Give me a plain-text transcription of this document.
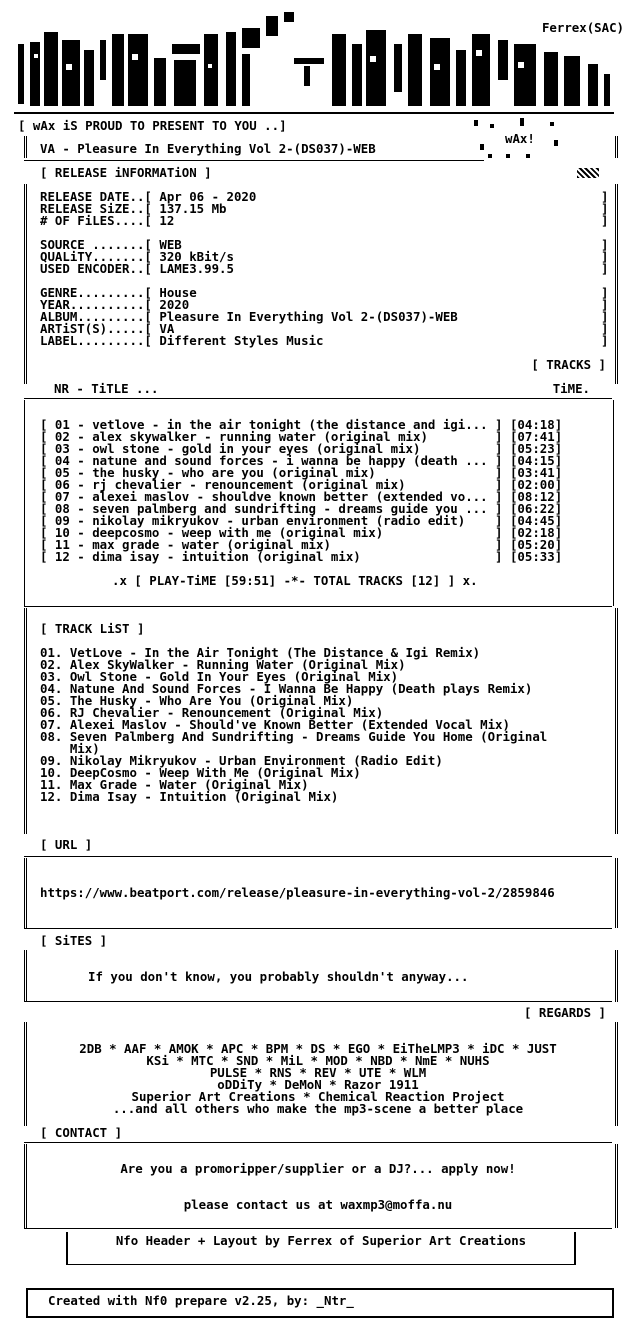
Ferrex(SAC)
[ wAx iS PROUD TO PRESENT TO YOU ..]
wAx!
VA - Pleasure In Everything Vol 2-(DS037)-WEB
[ RELEASE iNFORMATiON ]
RELEASE DATE..[ Apr 06 - 2020
RELEASE SiZE..[ 137.15 Mb
# OF FiLES....[ 12
SOURCE .......[ WEB
QUALiTY.......[ 320 kBit/s
USED ENCODER..[ LAME3.99.5
GENRE.........[ House
YEAR..........[ 2020
ALBUM.........[ Pleasure In Everything Vol 2-(DS037)-WEB
ARTiST(S).....[ VA
LABEL.........[ Different Styles Music
]
]
]

]
]
]

]
]
]
]
]
[ TRACKS ]
NR - TiTLE ...	TiME.
[ 01 - vetlove - in the air tonight (the distance and igi... ] [04:18]
[ 02 - alex skywalker - running water (original mix)         ] [07:41]
[ 03 - owl stone - gold in your eyes (original mix)          ] [05:23]
[ 04 - natune and sound forces - i wanna be happy (death ... ] [04:15]
[ 05 - the husky - who are you (original mix)                ] [03:41]
[ 06 - rj chevalier - renouncement (original mix)            ] [02:00]
[ 07 - alexei maslov - shouldve known better (extended vo... ] [08:12]
[ 08 - seven palmberg and sundrifting - dreams guide you ... ] [06:22]
[ 09 - nikolay mikryukov - urban environment (radio edit)    ] [04:45]
[ 10 - deepcosmo - weep with me (original mix)               ] [02:18]
[ 11 - max grade - water (original mix)                      ] [05:20]
[ 12 - dima isay - intuition (original mix)                  ] [05:33]
.x [ PLAY-TiME [59:51] -*- TOTAL TRACKS [12] ] x.
[ TRACK LiST ]
01. VetLove - In the Air Tonight (The Distance & Igi Remix)
02. Alex SkyWalker - Running Water (Original Mix)
03. Owl Stone - Gold In Your Eyes (Original Mix)
04. Natune And Sound Forces - I Wanna Be Happy (Death plays Remix)
05. The Husky - Who Are You (Original Mix)
06. RJ Chevalier - Renouncement (Original Mix)
07. Alexei Maslov - Should've Known Better (Extended Vocal Mix)
08. Seven Palmberg And Sundrifting - Dreams Guide You Home (Original
Mix)
09. Nikolay Mikryukov - Urban Environment (Radio Edit)
10. DeepCosmo - Weep With Me (Original Mix)
11. Max Grade - Water (Original Mix)
12. Dima Isay - Intuition (Original Mix)
[ URL ]
https://www.beatport.com/release/pleasure-in-everything-vol-2/2859846
[ SiTES ]
If you don't know, you probably shouldn't anyway...
[ REGARDS ]
2DB * AAF * AMOK * APC * BPM * DS * EGO * EiTheLMP3 * iDC * JUST
KSi * MTC * SND * MiL * MOD * NBD * NmE * NUHS
PULSE * RNS * REV * UTE * WLM
oDDiTy * DeMoN * Razor 1911
Superior Art Creations * Chemical Reaction Project
...and all others who make the mp3-scene a better place
[ CONTACT ]
Are you a promoripper/supplier or a DJ?... apply now!
please contact us at waxmp3@moffa.nu
Nfo Header + Layout by Ferrex of Superior Art Creations
Created with Nf0 prepare v2.25, by: _Ntr_
